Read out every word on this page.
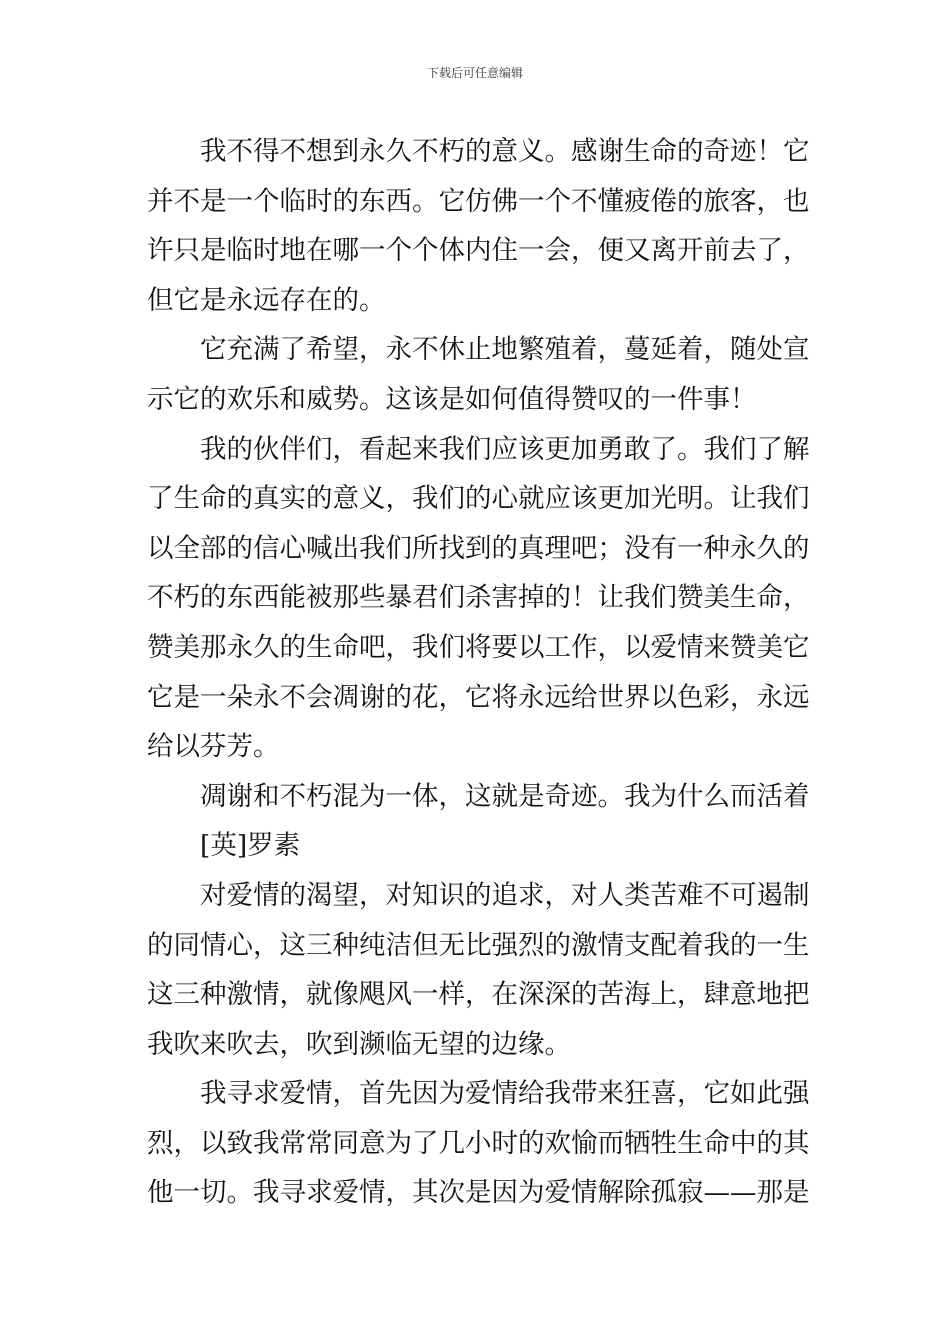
下载后可任意编辑
我不得不想到永久不朽的意义。感谢生命的奇迹！它
并不是一个临时的东西。它仿佛一个不懂疲倦的旅客，也
许只是临时地在哪一个个体内住一会，便又离开前去了，
但它是永远存在的。
它充满了希望，永不休止地繁殖着，蔓延着，随处宣
示它的欢乐和威势。这该是如何值得赞叹的一件事！
我的伙伴们，看起来我们应该更加勇敢了。我们了解
了生命的真实的意义，我们的心就应该更加光明。让我们
以全部的信心喊出我们所找到的真理吧；没有一种永久的
不朽的东西能被那些暴君们杀害掉的！让我们赞美生命，
赞美那永久的生命吧，我们将要以工作，以爱情来赞美它
它是一朵永不会凋谢的花，它将永远给世界以色彩，永远
给以芬芳。
凋谢和不朽混为一体，这就是奇迹。我为什么而活着
[英]罗素
对爱情的渴望，对知识的追求，对人类苦难不可遏制
的同情心，这三种纯洁但无比强烈的激情支配着我的一生
这三种激情，就像飓风一样，在深深的苦海上，肆意地把
我吹来吹去，吹到濒临无望的边缘。
我寻求爱情，首先因为爱情给我带来狂喜，它如此强
烈，以致我常常同意为了几小时的欢愉而牺牲生命中的其
他一切。我寻求爱情，其次是因为爱情解除孤寂——那是
